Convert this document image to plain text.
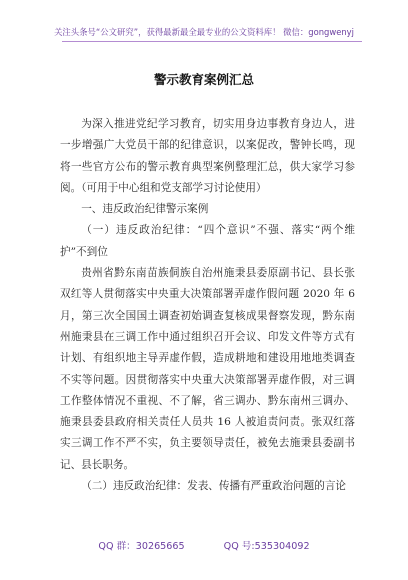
关注头条号“公文研究”，获得最新最全最专业的公文资料库！ 微信：gongwenyj
警示教育案例汇总

为深入推进党纪学习教育，切实用身边事教育身边人，进一步增强广大党员干部的纪律意识，以案促改，警钟长鸣，现将一些官方公布的警示教育典型案例整理汇总，供大家学习参阅。（可用于中心组和党支部学习讨论使用）

一、违反政治纪律警示案例

（一）违反政治纪律：“四个意识”不强、落实“两个维护”不到位

贵州省黔东南苗族侗族自治州施秉县委原副书记、县长张双红等人贯彻落实中央重大决策部署弄虚作假问题 2020 年 6 月，第三次全国国土调查初始调查复核成果督察发现，黔东南州施秉县在三调工作中通过组织召开会议、印发文件等方式有计划、有组织地主导弄虚作假，造成耕地和建设用地地类调查不实等问题。因贯彻落实中央重大决策部署弄虚作假，对三调工作整体情况不重视、不了解，省三调办、黔东南州三调办、施秉县委县政府相关责任人员共 16 人被追责问责。张双红落实三调工作不严不实，负主要领导责任，被免去施秉县委副书记、县长职务。

（二）违反政治纪律：发表、传播有严重政治问题的言论

QQ 群：30265665	QQ 号:535304092
